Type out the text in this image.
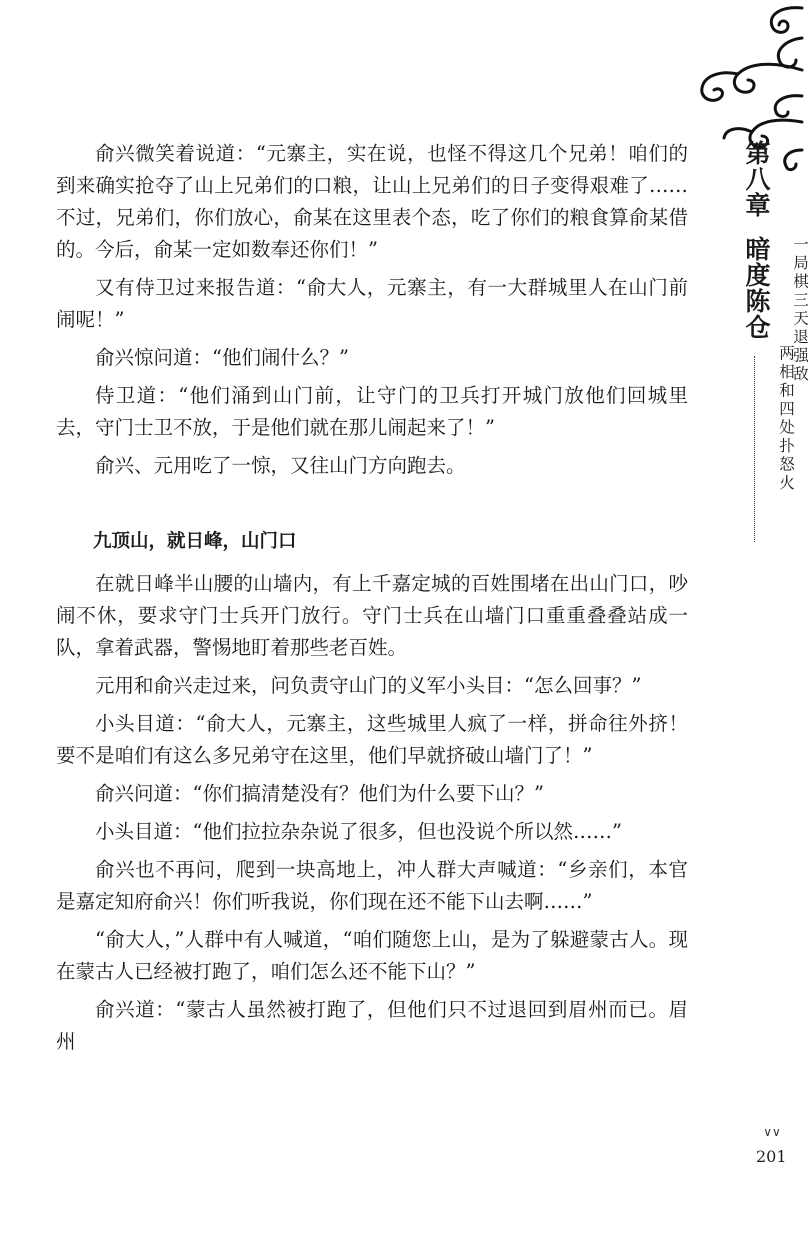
俞兴微笑着说道：“元寨主，实在说，也怪不得这几个兄弟！咱们的到来确实抢夺了山上兄弟们的口粮，让山上兄弟们的日子变得艰难了……不过，兄弟们，你们放心，俞某在这里表个态，吃了你们的粮食算俞某借的。今后，俞某一定如数奉还你们！”

又有侍卫过来报告道：“俞大人，元寨主，有一大群城里人在山门前闹呢！”

俞兴惊问道：“他们闹什么？”

侍卫道：“他们涌到山门前，让守门的卫兵打开城门放他们回城里去，守门士卫不放，于是他们就在那儿闹起来了！”

俞兴、元用吃了一惊，又往山门方向跑去。

九顶山，就日峰，山门口

在就日峰半山腰的山墙内，有上千嘉定城的百姓围堵在出山门口，吵闹不休，要求守门士兵开门放行。守门士兵在山墙门口重重叠叠站成一队，拿着武器，警惕地盯着那些老百姓。

元用和俞兴走过来，问负责守山门的义军小头目：“怎么回事？”

小头目道：“俞大人，元寨主，这些城里人疯了一样，拼命往外挤！要不是咱们有这么多兄弟守在这里，他们早就挤破山墙门了！”

俞兴问道：“你们搞清楚没有？他们为什么要下山？”

小头目道：“他们拉拉杂杂说了很多，但也没说个所以然……”

俞兴也不再问，爬到一块高地上，冲人群大声喊道：“乡亲们，本官是嘉定知府俞兴！你们听我说，你们现在还不能下山去啊……”

“俞大人，”人群中有人喊道，“咱们随您上山，是为了躲避蒙古人。现在蒙古人已经被打跑了，咱们怎么还不能下山？”

俞兴道：“蒙古人虽然被打跑了，但他们只不过退回到眉州而已。眉州

第八章
暗度陈仓 一局棋三天退强敌
两相和四处扑怒火
∨∨
201
